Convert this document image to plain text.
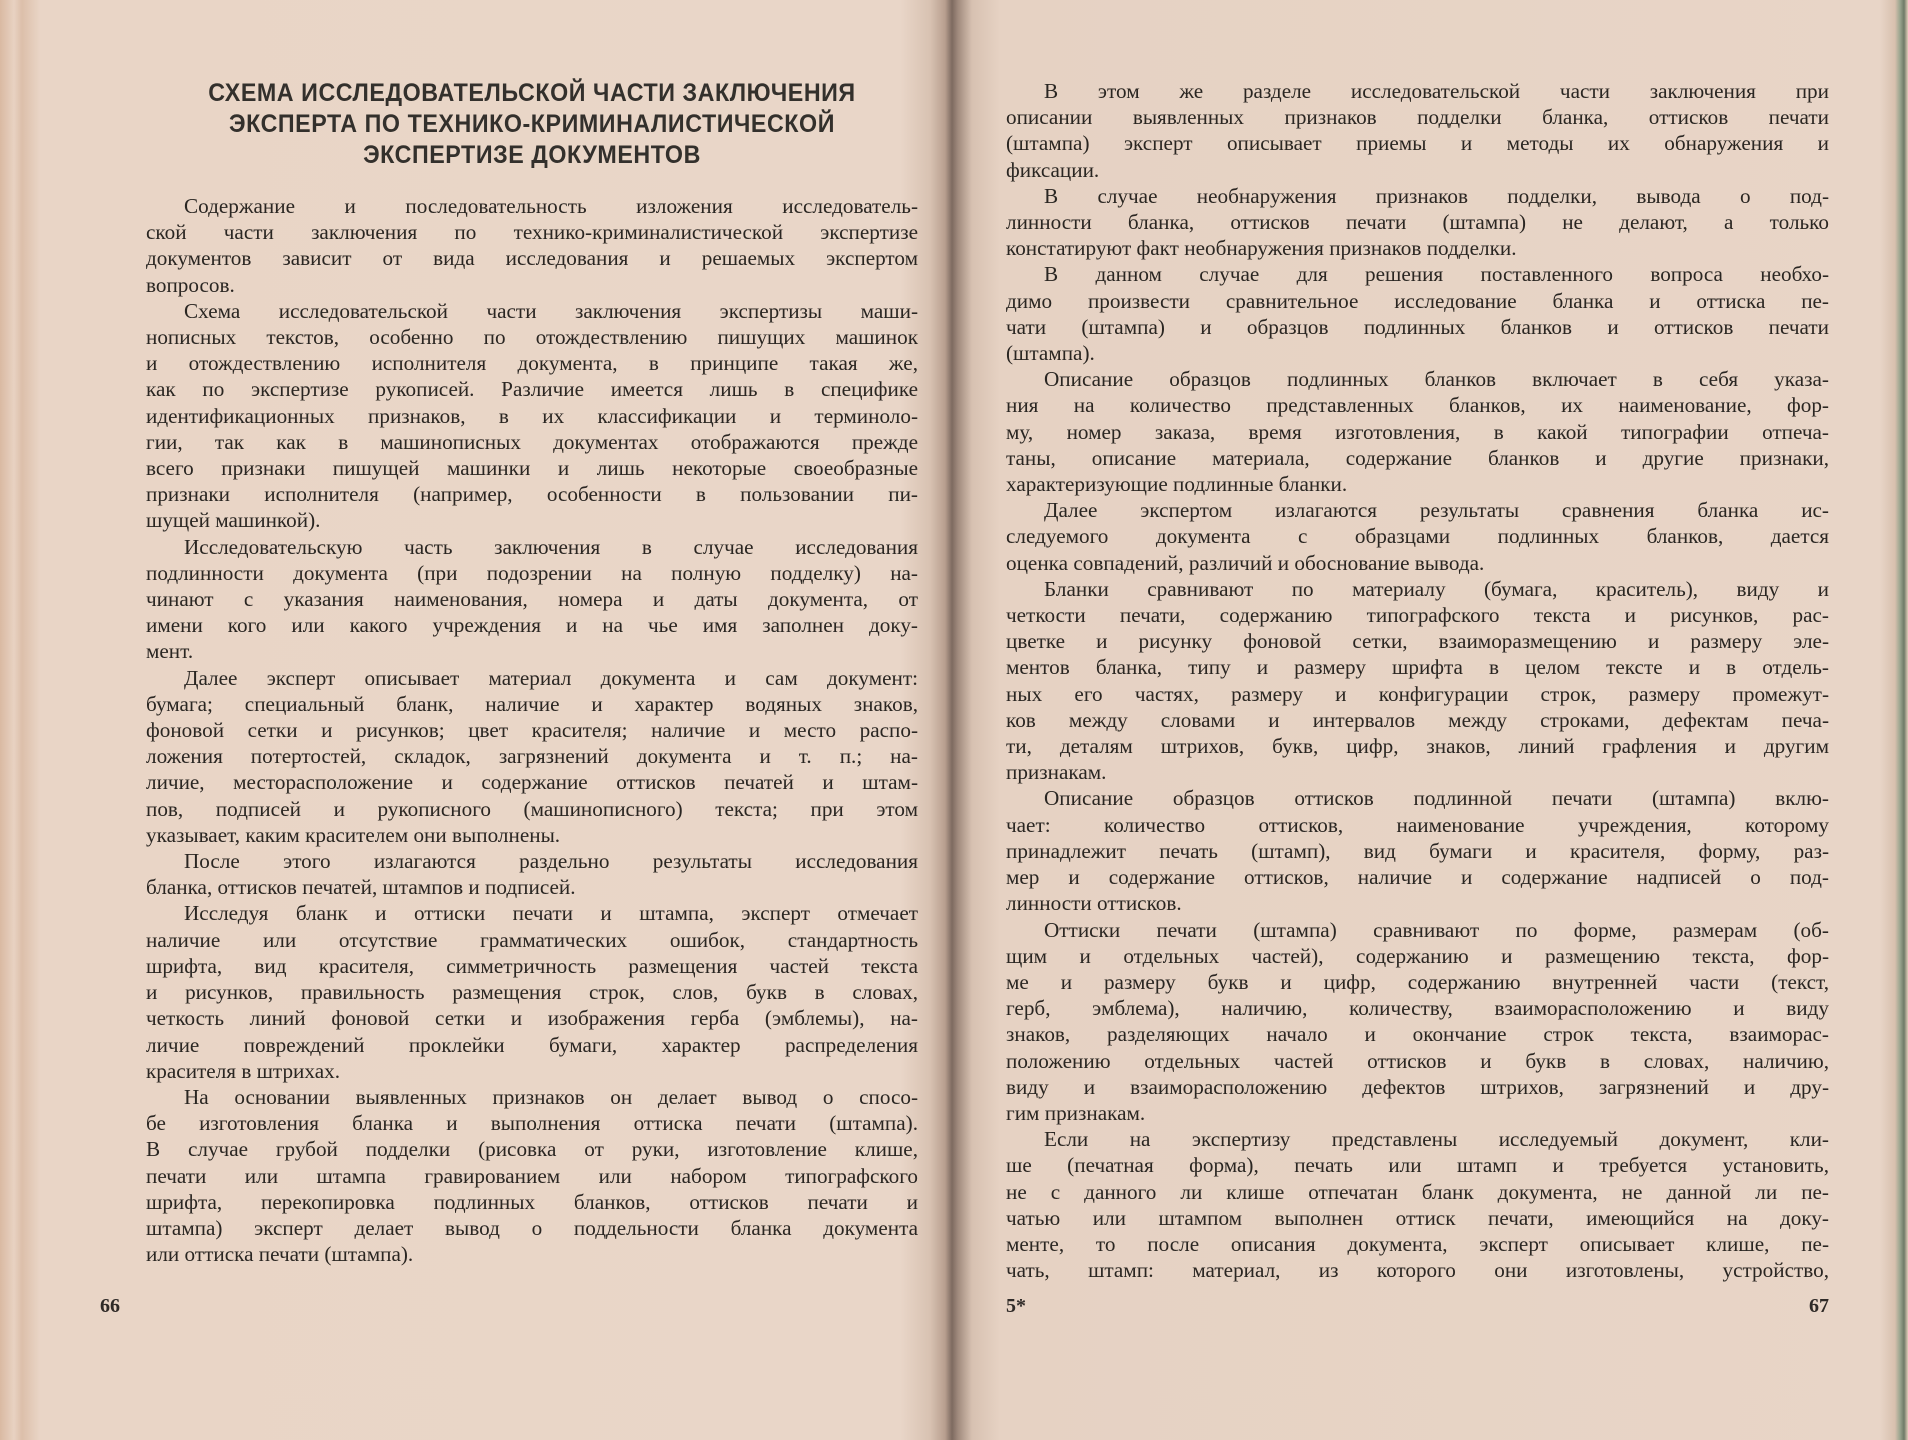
СХЕМА ИССЛЕДОВАТЕЛЬСКОЙ ЧАСТИ ЗАКЛЮЧЕНИЯ
ЭКСПЕРТА ПО ТЕХНИКО-КРИМИНАЛИСТИЧЕСКОЙ
ЭКСПЕРТИЗЕ ДОКУМЕНТОВ

Содержание и последовательность изложения исследователь-
ской части заключения по технико-криминалистической экспертизе
документов зависит от вида исследования и решаемых экспертом
вопросов.

Схема исследовательской части заключения экспертизы маши-
нописных текстов, особенно по отождествлению пишущих машинок
и отождествлению исполнителя документа, в принципе такая же,
как по экспертизе рукописей. Различие имеется лишь в специфике
идентификационных признаков, в их классификации и терминоло-
гии, так как в машинописных документах отображаются прежде
всего признаки пишущей машинки и лишь некоторые своеобразные
признаки исполнителя (например, особенности в пользовании пи-
шущей машинкой).

Исследовательскую часть заключения в случае исследования
подлинности документа (при подозрении на полную подделку) на-
чинают с указания наименования, номера и даты документа, от
имени кого или какого учреждения и на чье имя заполнен доку-
мент.

Далее эксперт описывает материал документа и сам документ:
бумага; специальный бланк, наличие и характер водяных знаков,
фоновой сетки и рисунков; цвет красителя; наличие и место распо-
ложения потертостей, складок, загрязнений документа и т. п.; на-
личие, месторасположение и содержание оттисков печатей и штам-
пов, подписей и рукописного (машинописного) текста; при этом
указывает, каким красителем они выполнены.

После этого излагаются раздельно результаты исследования
бланка, оттисков печатей, штампов и подписей.

Исследуя бланк и оттиски печати и штампа, эксперт отмечает
наличие или отсутствие грамматических ошибок, стандартность
шрифта, вид красителя, симметричность размещения частей текста
и рисунков, правильность размещения строк, слов, букв в словах,
четкость линий фоновой сетки и изображения герба (эмблемы), на-
личие повреждений проклейки бумаги, характер распределения
красителя в штрихах.

На основании выявленных признаков он делает вывод о спосо-
бе изготовления бланка и выполнения оттиска печати (штампа).
В случае грубой подделки (рисовка от руки, изготовление клише,
печати или штампа гравированием или набором типографского
шрифта, перекопировка подлинных бланков, оттисков печати и
штампа) эксперт делает вывод о поддельности бланка документа
или оттиска печати (штампа).

66

В этом же разделе исследовательской части заключения при
описании выявленных признаков подделки бланка, оттисков печати
(штампа) эксперт описывает приемы и методы их обнаружения и
фиксации.

В случае необнаружения признаков подделки, вывода о под-
линности бланка, оттисков печати (штампа) не делают, а только
констатируют факт необнаружения признаков подделки.

В данном случае для решения поставленного вопроса необхо-
димо произвести сравнительное исследование бланка и оттиска пе-
чати (штампа) и образцов подлинных бланков и оттисков печати
(штампа).

Описание образцов подлинных бланков включает в себя указа-
ния на количество представленных бланков, их наименование, фор-
му, номер заказа, время изготовления, в какой типографии отпеча-
таны, описание материала, содержание бланков и другие признаки,
характеризующие подлинные бланки.

Далее экспертом излагаются результаты сравнения бланка ис-
следуемого документа с образцами подлинных бланков, дается
оценка совпадений, различий и обоснование вывода.

Бланки сравнивают по материалу (бумага, краситель), виду и
четкости печати, содержанию типографского текста и рисунков, рас-
цветке и рисунку фоновой сетки, взаиморазмещению и размеру эле-
ментов бланка, типу и размеру шрифта в целом тексте и в отдель-
ных его частях, размеру и конфигурации строк, размеру промежут-
ков между словами и интервалов между строками, дефектам печа-
ти, деталям штрихов, букв, цифр, знаков, линий графления и другим
признакам.

Описание образцов оттисков подлинной печати (штампа) вклю-
чает: количество оттисков, наименование учреждения, которому
принадлежит печать (штамп), вид бумаги и красителя, форму, раз-
мер и содержание оттисков, наличие и содержание надписей о под-
линности оттисков.

Оттиски печати (штампа) сравнивают по форме, размерам (об-
щим и отдельных частей), содержанию и размещению текста, фор-
ме и размеру букв и цифр, содержанию внутренней части (текст,
герб, эмблема), наличию, количеству, взаиморасположению и виду
знаков, разделяющих начало и окончание строк текста, взаиморас-
положению отдельных частей оттисков и букв в словах, наличию,
виду и взаиморасположению дефектов штрихов, загрязнений и дру-
гим признакам.

Если на экспертизу представлены исследуемый документ, кли-
ше (печатная форма), печать или штамп и требуется установить,
не с данного ли клише отпечатан бланк документа, не данной ли пе-
чатью или штампом выполнен оттиск печати, имеющийся на доку-
менте, то после описания документа, эксперт описывает клише, пе-
чать, штамп: материал, из которого они изготовлены, устройство,

5*	67
